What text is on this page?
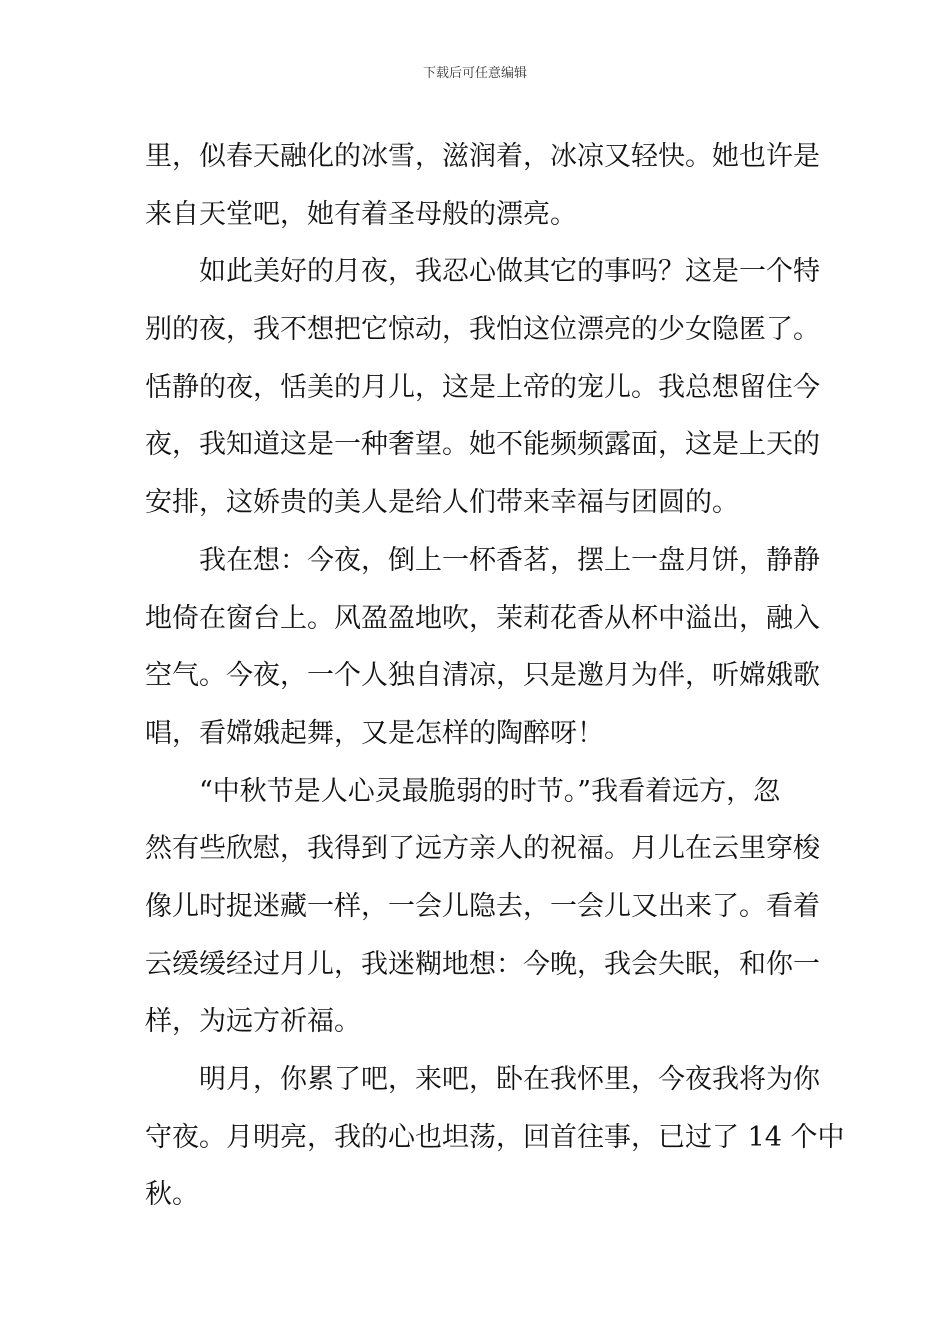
下载后可任意编辑
里，似春天融化的冰雪，滋润着，冰凉又轻快。她也许是
来自天堂吧，她有着圣母般的漂亮。
如此美好的月夜，我忍心做其它的事吗？这是一个特
别的夜，我不想把它惊动，我怕这位漂亮的少女隐匿了。
恬静的夜，恬美的月儿，这是上帝的宠儿。我总想留住今
夜，我知道这是一种奢望。她不能频频露面，这是上天的
安排，这娇贵的美人是给人们带来幸福与团圆的。
我在想：今夜，倒上一杯香茗，摆上一盘月饼，静静
地倚在窗台上。风盈盈地吹，茉莉花香从杯中溢出，融入
空气。今夜，一个人独自清凉，只是邀月为伴，听嫦娥歌
唱，看嫦娥起舞，又是怎样的陶醉呀！
“中秋节是人心灵最脆弱的时节。”我看着远方，忽
然有些欣慰，我得到了远方亲人的祝福。月儿在云里穿梭
像儿时捉迷藏一样，一会儿隐去，一会儿又出来了。看着
云缓缓经过月儿，我迷糊地想：今晚，我会失眠，和你一
样，为远方祈福。
明月，你累了吧，来吧，卧在我怀里，今夜我将为你
守夜。月明亮，我的心也坦荡，回首往事，已过了 14 个中
秋。
